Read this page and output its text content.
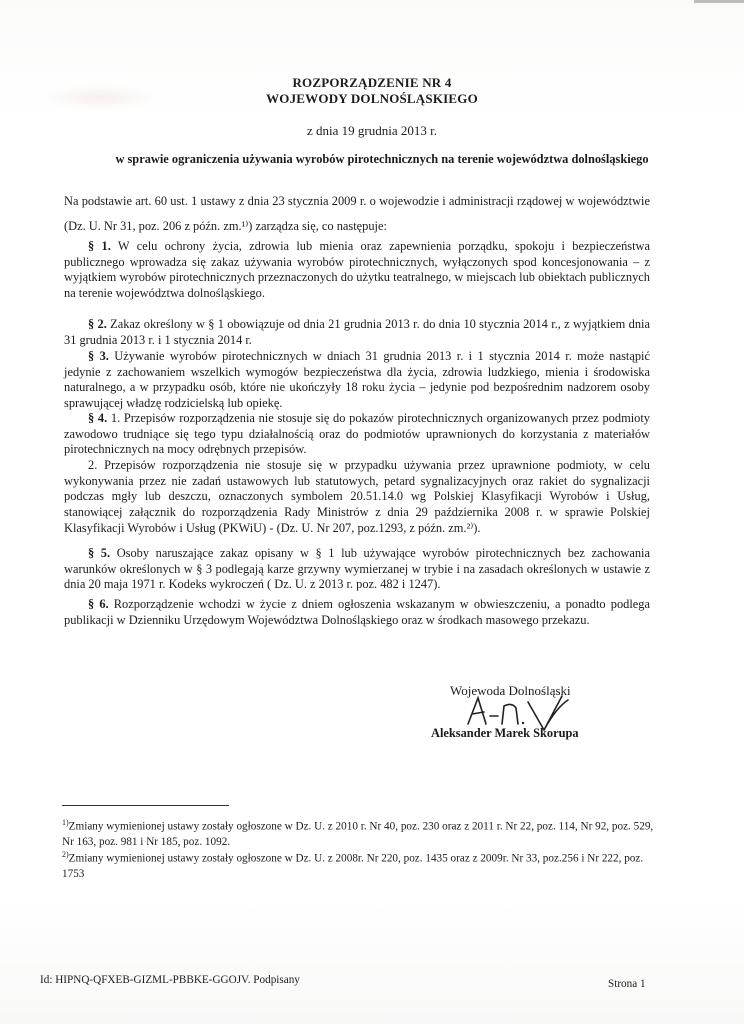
ROZPORZĄDZENIE NR 4
WOJEWODY DOLNOŚLĄSKIEGO
z dnia 19 grudnia 2013 r.
w sprawie ograniczenia używania wyrobów pirotechnicznych na terenie województwa dolnośląskiego
Na podstawie art. 60 ust. 1 ustawy z dnia 23 stycznia 2009 r. o wojewodzie i administracji rządowej w województwie (Dz. U. Nr 31, poz. 206 z późn. zm.¹⁾) zarządza się, co następuje:
§ 1. W celu ochrony życia, zdrowia lub mienia oraz zapewnienia porządku, spokoju i bezpieczeństwa publicznego wprowadza się zakaz używania wyrobów pirotechnicznych, wyłączonych spod koncesjonowania – z wyjątkiem wyrobów pirotechnicznych przeznaczonych do użytku teatralnego, w miejscach lub obiektach publicznych na terenie województwa dolnośląskiego.
§ 2. Zakaz określony w § 1 obowiązuje od dnia 21 grudnia 2013 r. do dnia 10 stycznia 2014 r., z wyjątkiem dnia 31 grudnia 2013 r. i 1 stycznia 2014 r.
§ 3. Używanie wyrobów pirotechnicznych w dniach 31 grudnia 2013 r. i 1 stycznia 2014 r. może nastąpić jedynie z zachowaniem wszelkich wymogów bezpieczeństwa dla życia, zdrowia ludzkiego, mienia i środowiska naturalnego, a w przypadku osób, które nie ukończyły 18 roku życia – jedynie pod bezpośrednim nadzorem osoby sprawującej władzę rodzicielską lub opiekę.
§ 4. 1. Przepisów rozporządzenia nie stosuje się do pokazów pirotechnicznych organizowanych przez podmioty zawodowo trudniące się tego typu działalnością oraz do podmiotów uprawnionych do korzystania z materiałów pirotechnicznych na mocy odrębnych przepisów.
2. Przepisów rozporządzenia nie stosuje się w przypadku używania przez uprawnione podmioty, w celu wykonywania przez nie zadań ustawowych lub statutowych, petard sygnalizacyjnych oraz rakiet do sygnalizacji podczas mgły lub deszczu, oznaczonych symbolem 20.51.14.0 wg Polskiej Klasyfikacji Wyrobów i Usług, stanowiącej załącznik do rozporządzenia Rady Ministrów z dnia 29 października 2008 r. w sprawie Polskiej Klasyfikacji Wyrobów i Usług (PKWiU) - (Dz. U. Nr 207, poz.1293, z późn. zm.²⁾).
§ 5. Osoby naruszające zakaz opisany w § 1 lub używające wyrobów pirotechnicznych bez zachowania warunków określonych w § 3 podlegają karze grzywny wymierzanej w trybie i na zasadach określonych w ustawie z dnia 20 maja 1971 r. Kodeks wykroczeń ( Dz. U. z 2013 r. poz. 482 i 1247).
§ 6. Rozporządzenie wchodzi w życie z dniem ogłoszenia wskazanym w obwieszczeniu, a ponadto podlega publikacji w Dzienniku Urzędowym Województwa Dolnośląskiego oraz w środkach masowego przekazu.
Wojewoda Dolnośląski
Aleksander Marek Skorupa
$^{1)}$Zmiany wymienionej ustawy zostały ogłoszone w Dz. U. z 2010 r. Nr 40, poz. 230 oraz z 2011 r. Nr 22, poz. 114, Nr 92, poz. 529, Nr 163, poz. 981 i Nr 185, poz. 1092.
$^{2)}$Zmiany wymienionej ustawy zostały ogłoszone w Dz. U. z 2008r. Nr 220, poz. 1435 oraz z 2009r. Nr 33, poz.256 i Nr 222, poz. 1753
Id: HIPNQ-QFXEB-GIZML-PBBKE-GGOJV. Podpisany	Strona 1
